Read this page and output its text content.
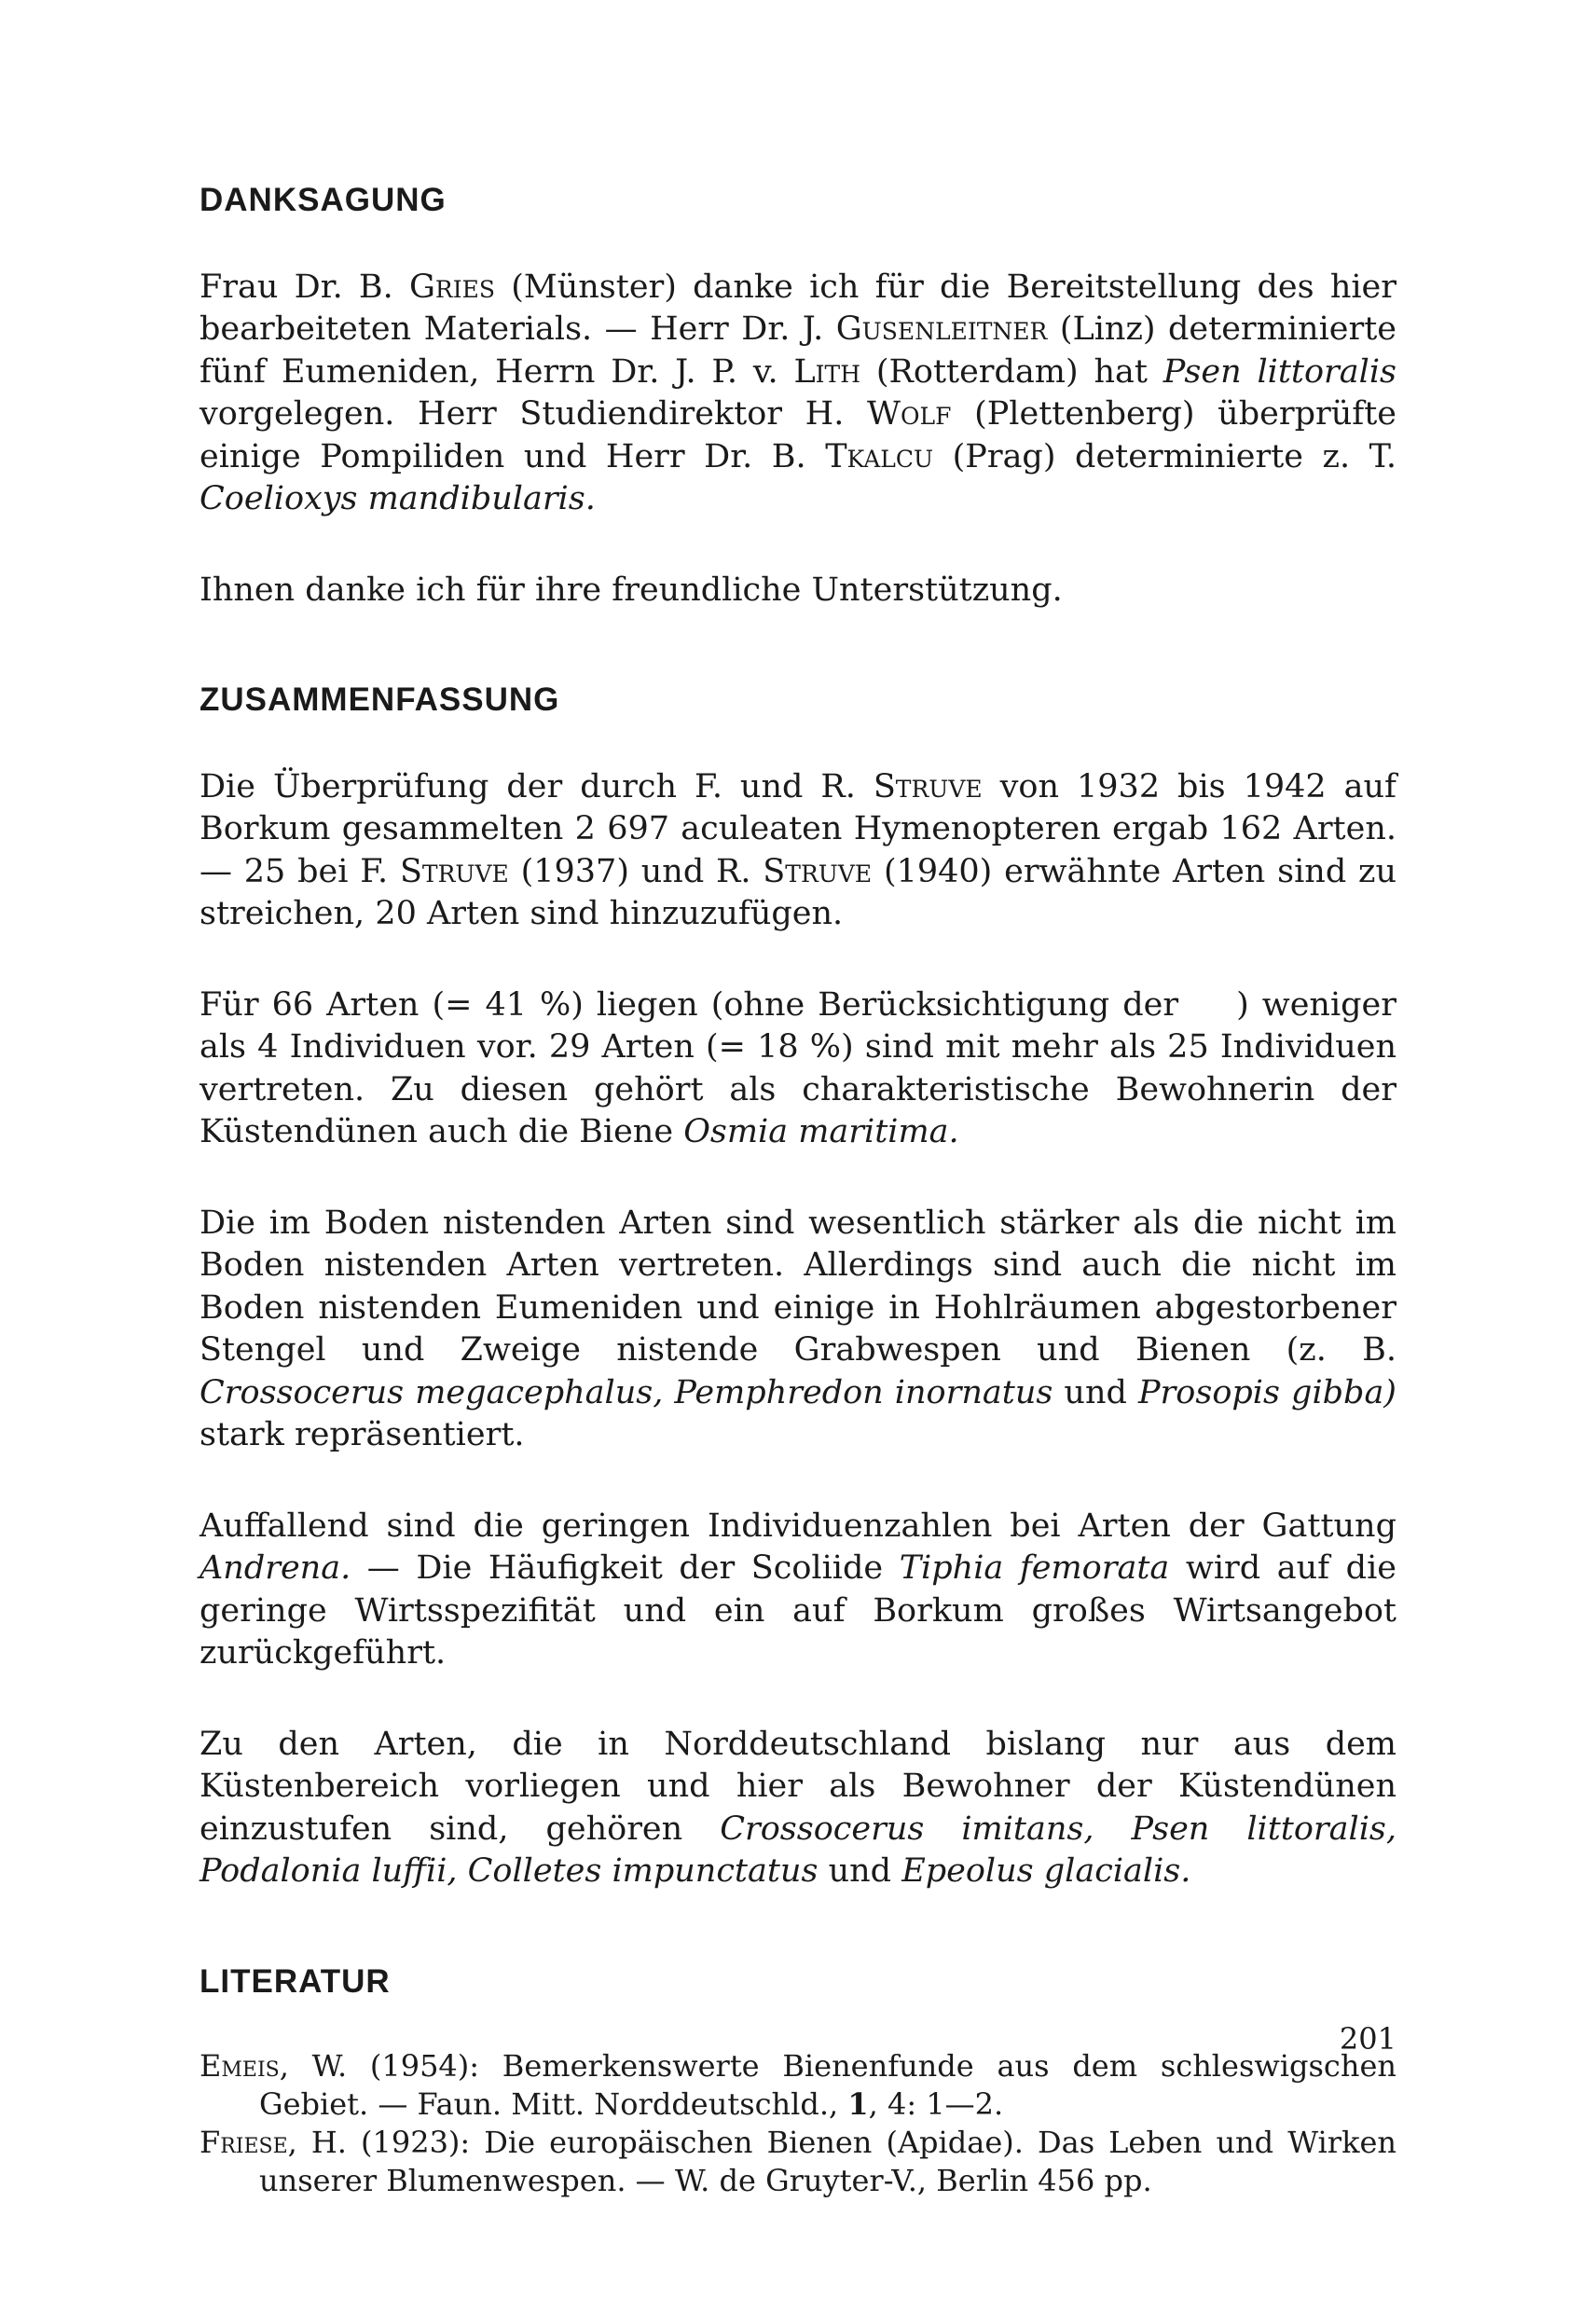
DANKSAGUNG

Frau Dr. B. Gries (Münster) danke ich für die Bereitstellung des hier bearbeiteten Materials. — Herr Dr. J. Gusenleitner (Linz) determinierte fünf Eumeniden, Herrn Dr. J. P. v. Lith (Rotterdam) hat Psen littoralis vorgelegen. Herr Studiendirektor H. Wolf (Plettenberg) überprüfte einige Pompiliden und Herr Dr. B. Tkalcu (Prag) determinierte z. T. Coelioxys mandibularis.

Ihnen danke ich für ihre freundliche Unterstützung.

ZUSAMMENFASSUNG

Die Überprüfung der durch F. und R. Struve von 1932 bis 1942 auf Borkum gesammelten 2 697 aculeaten Hymenopteren ergab 162 Arten. — 25 bei F. Struve (1937) und R. Struve (1940) erwähnte Arten sind zu streichen, 20 Arten sind hinzuzufügen.

Für 66 Arten (= 41 %) liegen (ohne Berücksichtigung der ) weniger als 4 Individuen vor. 29 Arten (= 18 %) sind mit mehr als 25 Individuen vertreten. Zu diesen gehört als charakteristische Bewohnerin der Küstendünen auch die Biene Osmia maritima.

Die im Boden nistenden Arten sind wesentlich stärker als die nicht im Boden nistenden Arten vertreten. Allerdings sind auch die nicht im Boden nistenden Eumeniden und einige in Hohlräumen abgestorbener Stengel und Zweige nistende Grabwespen und Bienen (z. B. Crossocerus megacephalus, Pemphredon inornatus und Prosopis gibba) stark repräsentiert.

Auffallend sind die geringen Individuenzahlen bei Arten der Gattung Andrena. — Die Häufigkeit der Scoliide Tiphia femorata wird auf die geringe Wirtsspezifität und ein auf Borkum großes Wirtsangebot zurückgeführt.

Zu den Arten, die in Norddeutschland bislang nur aus dem Küstenbereich vorliegen und hier als Bewohner der Küstendünen einzustufen sind, gehören Crossocerus imitans, Psen littoralis, Podalonia luffii, Colletes impunctatus und Epeolus glacialis.

LITERATUR

Emeis, W. (1954): Bemerkenswerte Bienenfunde aus dem schleswigschen Gebiet. — Faun. Mitt. Norddeutschld., 1, 4: 1—2.

Friese, H. (1923): Die europäischen Bienen (Apidae). Das Leben und Wirken unserer Blumenwespen. — W. de Gruyter-V., Berlin 456 pp.

201
